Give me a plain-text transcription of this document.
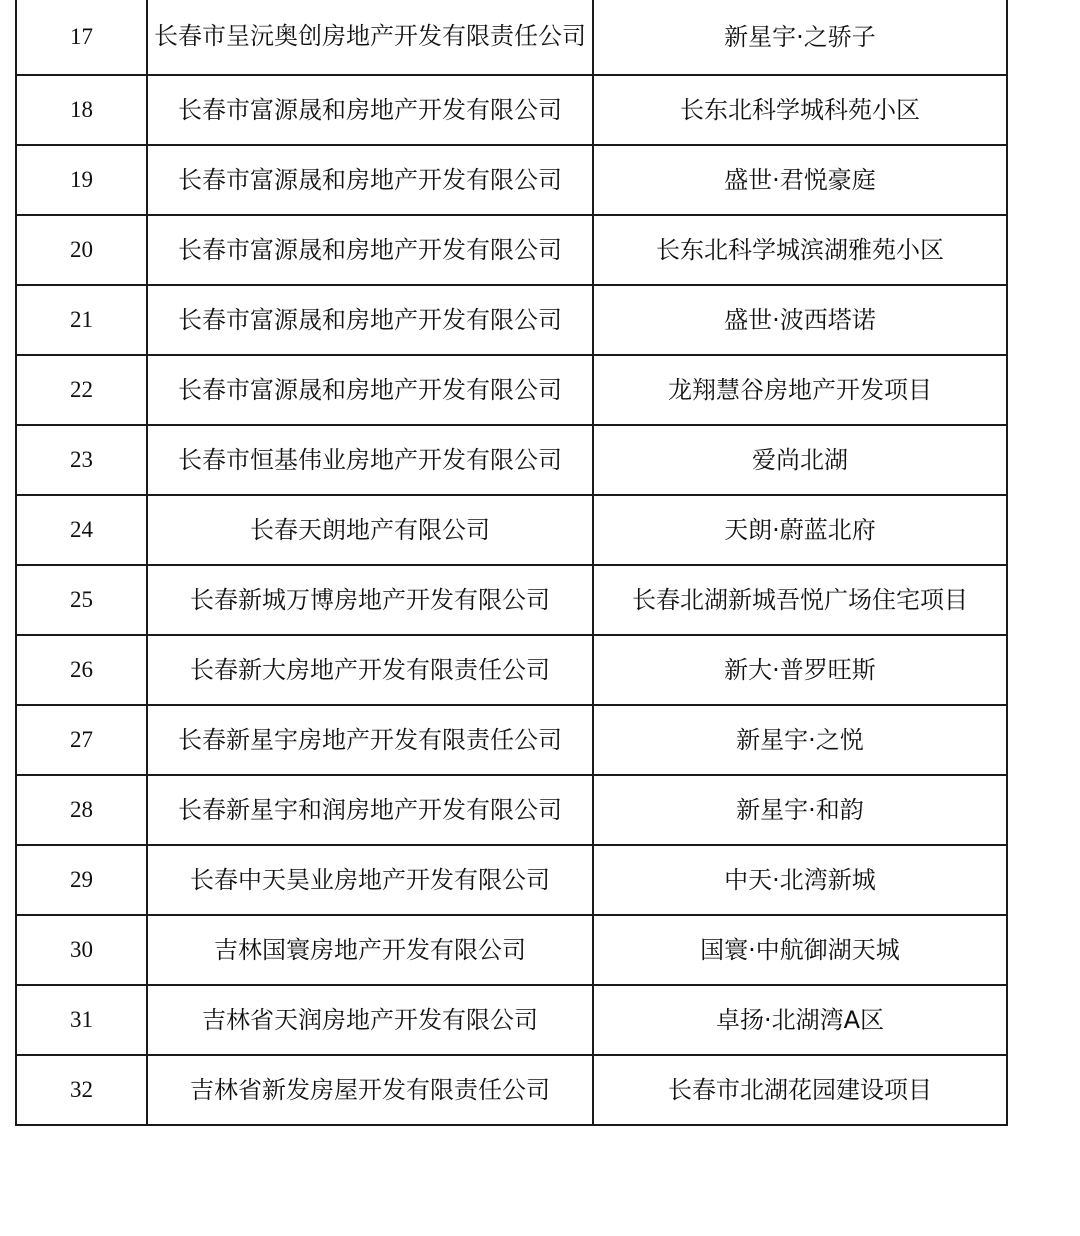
17	长春市呈沅奥创房地产开发有限责任公司	新星宇·之骄子
18	长春市富源晟和房地产开发有限公司	长东北科学城科苑小区
19	长春市富源晟和房地产开发有限公司	盛世·君悦豪庭
20	长春市富源晟和房地产开发有限公司	长东北科学城滨湖雅苑小区
21	长春市富源晟和房地产开发有限公司	盛世·波西塔诺
22	长春市富源晟和房地产开发有限公司	龙翔慧谷房地产开发项目
23	长春市恒基伟业房地产开发有限公司	爱尚北湖
24	长春天朗地产有限公司	天朗·蔚蓝北府
25	长春新城万博房地产开发有限公司	长春北湖新城吾悦广场住宅项目
26	长春新大房地产开发有限责任公司	新大·普罗旺斯
27	长春新星宇房地产开发有限责任公司	新星宇·之悦
28	长春新星宇和润房地产开发有限公司	新星宇·和韵
29	长春中天昊业房地产开发有限公司	中天·北湾新城
30	吉林国寰房地产开发有限公司	国寰·中航御湖天城
31	吉林省天润房地产开发有限公司	卓扬·北湖湾A区
32	吉林省新发房屋开发有限责任公司	长春市北湖花园建设项目
